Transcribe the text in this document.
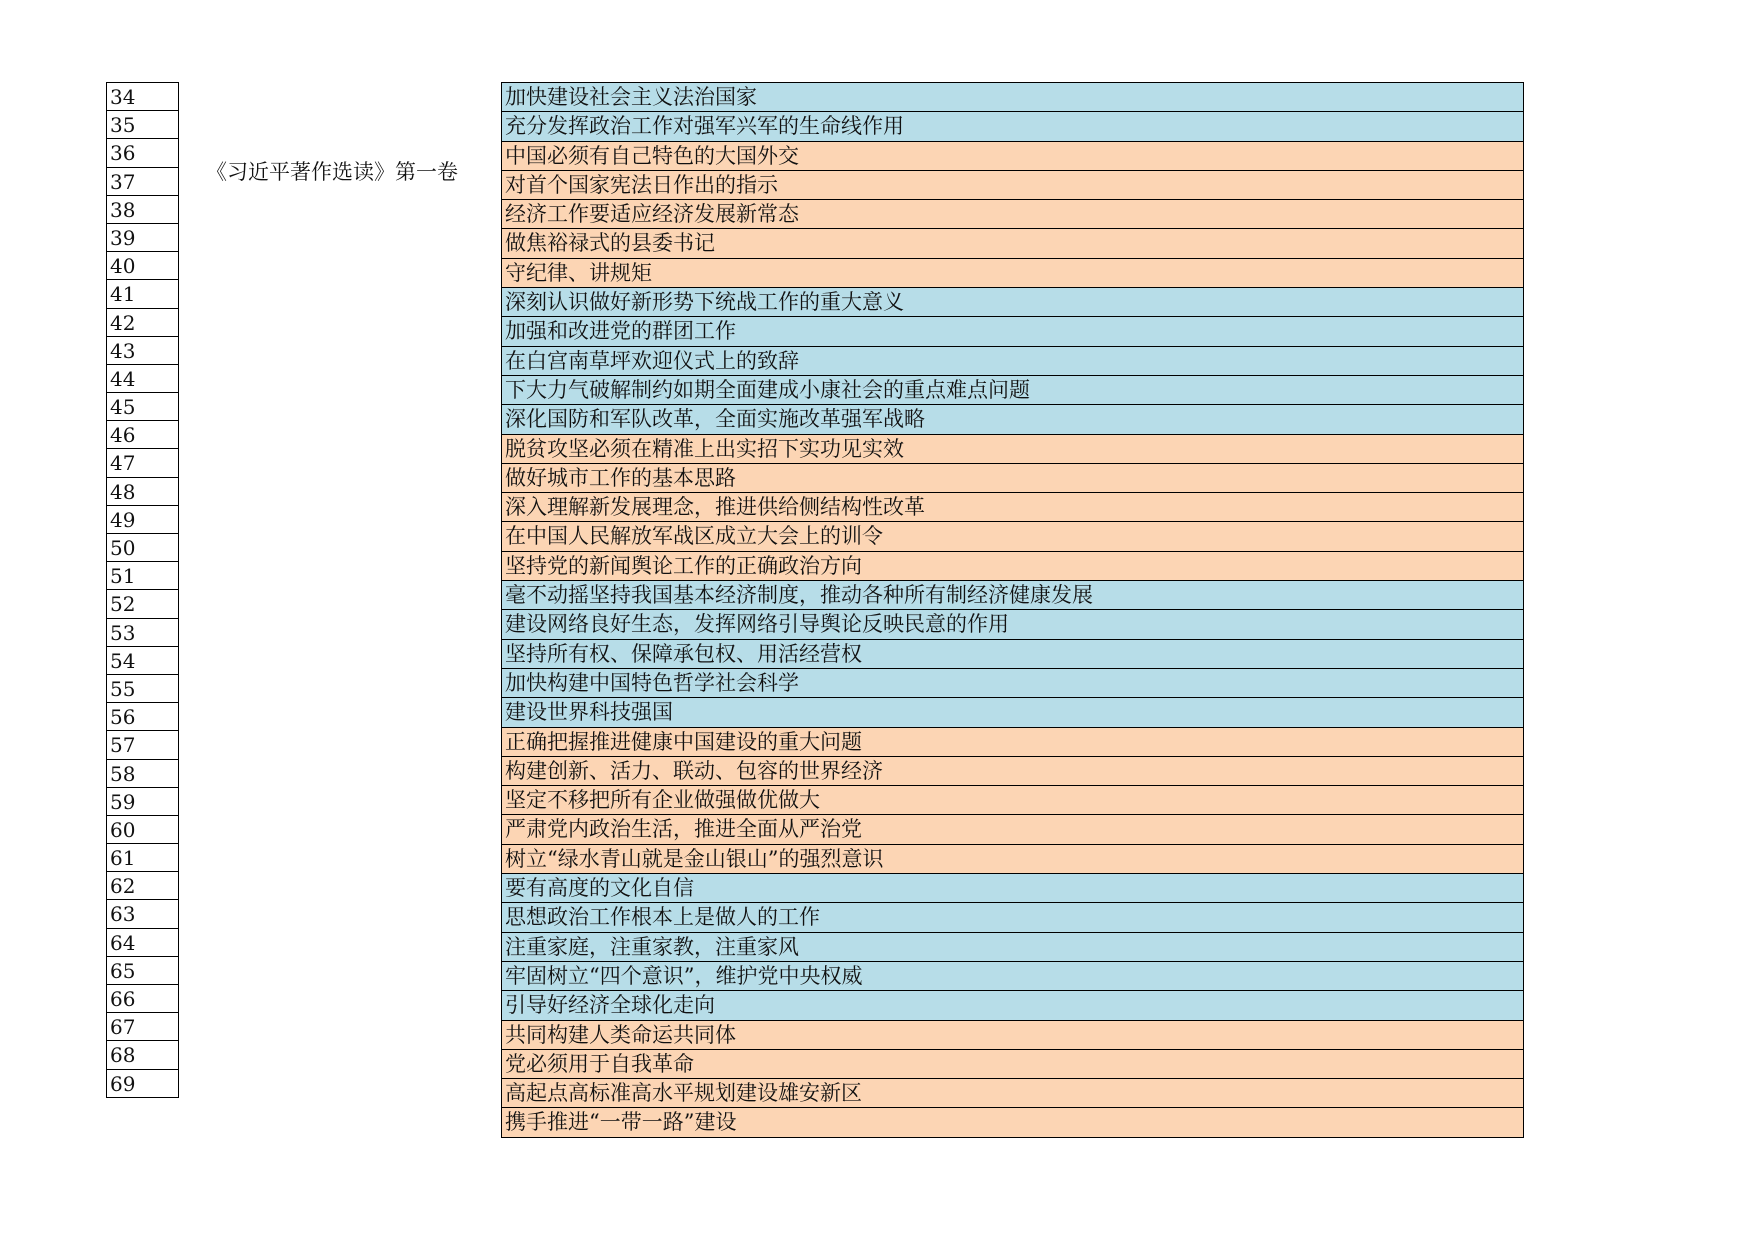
34
35
36
37
38
39
40
41
42
43
44
45
46
47
48
49
50
51
52
53
54
55
56
57
58
59
60
61
62
63
64
65
66
67
68
69
《习近平著作选读》第一卷
加快建设社会主义法治国家
充分发挥政治工作对强军兴军的生命线作用
中国必须有自己特色的大国外交
对首个国家宪法日作出的指示
经济工作要适应经济发展新常态
做焦裕禄式的县委书记
守纪律、讲规矩
深刻认识做好新形势下统战工作的重大意义
加强和改进党的群团工作
在白宫南草坪欢迎仪式上的致辞
下大力气破解制约如期全面建成小康社会的重点难点问题
深化国防和军队改革，全面实施改革强军战略
脱贫攻坚必须在精准上出实招下实功见实效
做好城市工作的基本思路
深入理解新发展理念，推进供给侧结构性改革
在中国人民解放军战区成立大会上的训令
坚持党的新闻舆论工作的正确政治方向
毫不动摇坚持我国基本经济制度，推动各种所有制经济健康发展
建设网络良好生态，发挥网络引导舆论反映民意的作用
坚持所有权、保障承包权、用活经营权
加快构建中国特色哲学社会科学
建设世界科技强国
正确把握推进健康中国建设的重大问题
构建创新、活力、联动、包容的世界经济
坚定不移把所有企业做强做优做大
严肃党内政治生活，推进全面从严治党
树立“绿水青山就是金山银山”的强烈意识
要有高度的文化自信
思想政治工作根本上是做人的工作
注重家庭，注重家教，注重家风
牢固树立“四个意识”，维护党中央权威
引导好经济全球化走向
共同构建人类命运共同体
党必须用于自我革命
高起点高标准高水平规划建设雄安新区
携手推进“一带一路”建设
